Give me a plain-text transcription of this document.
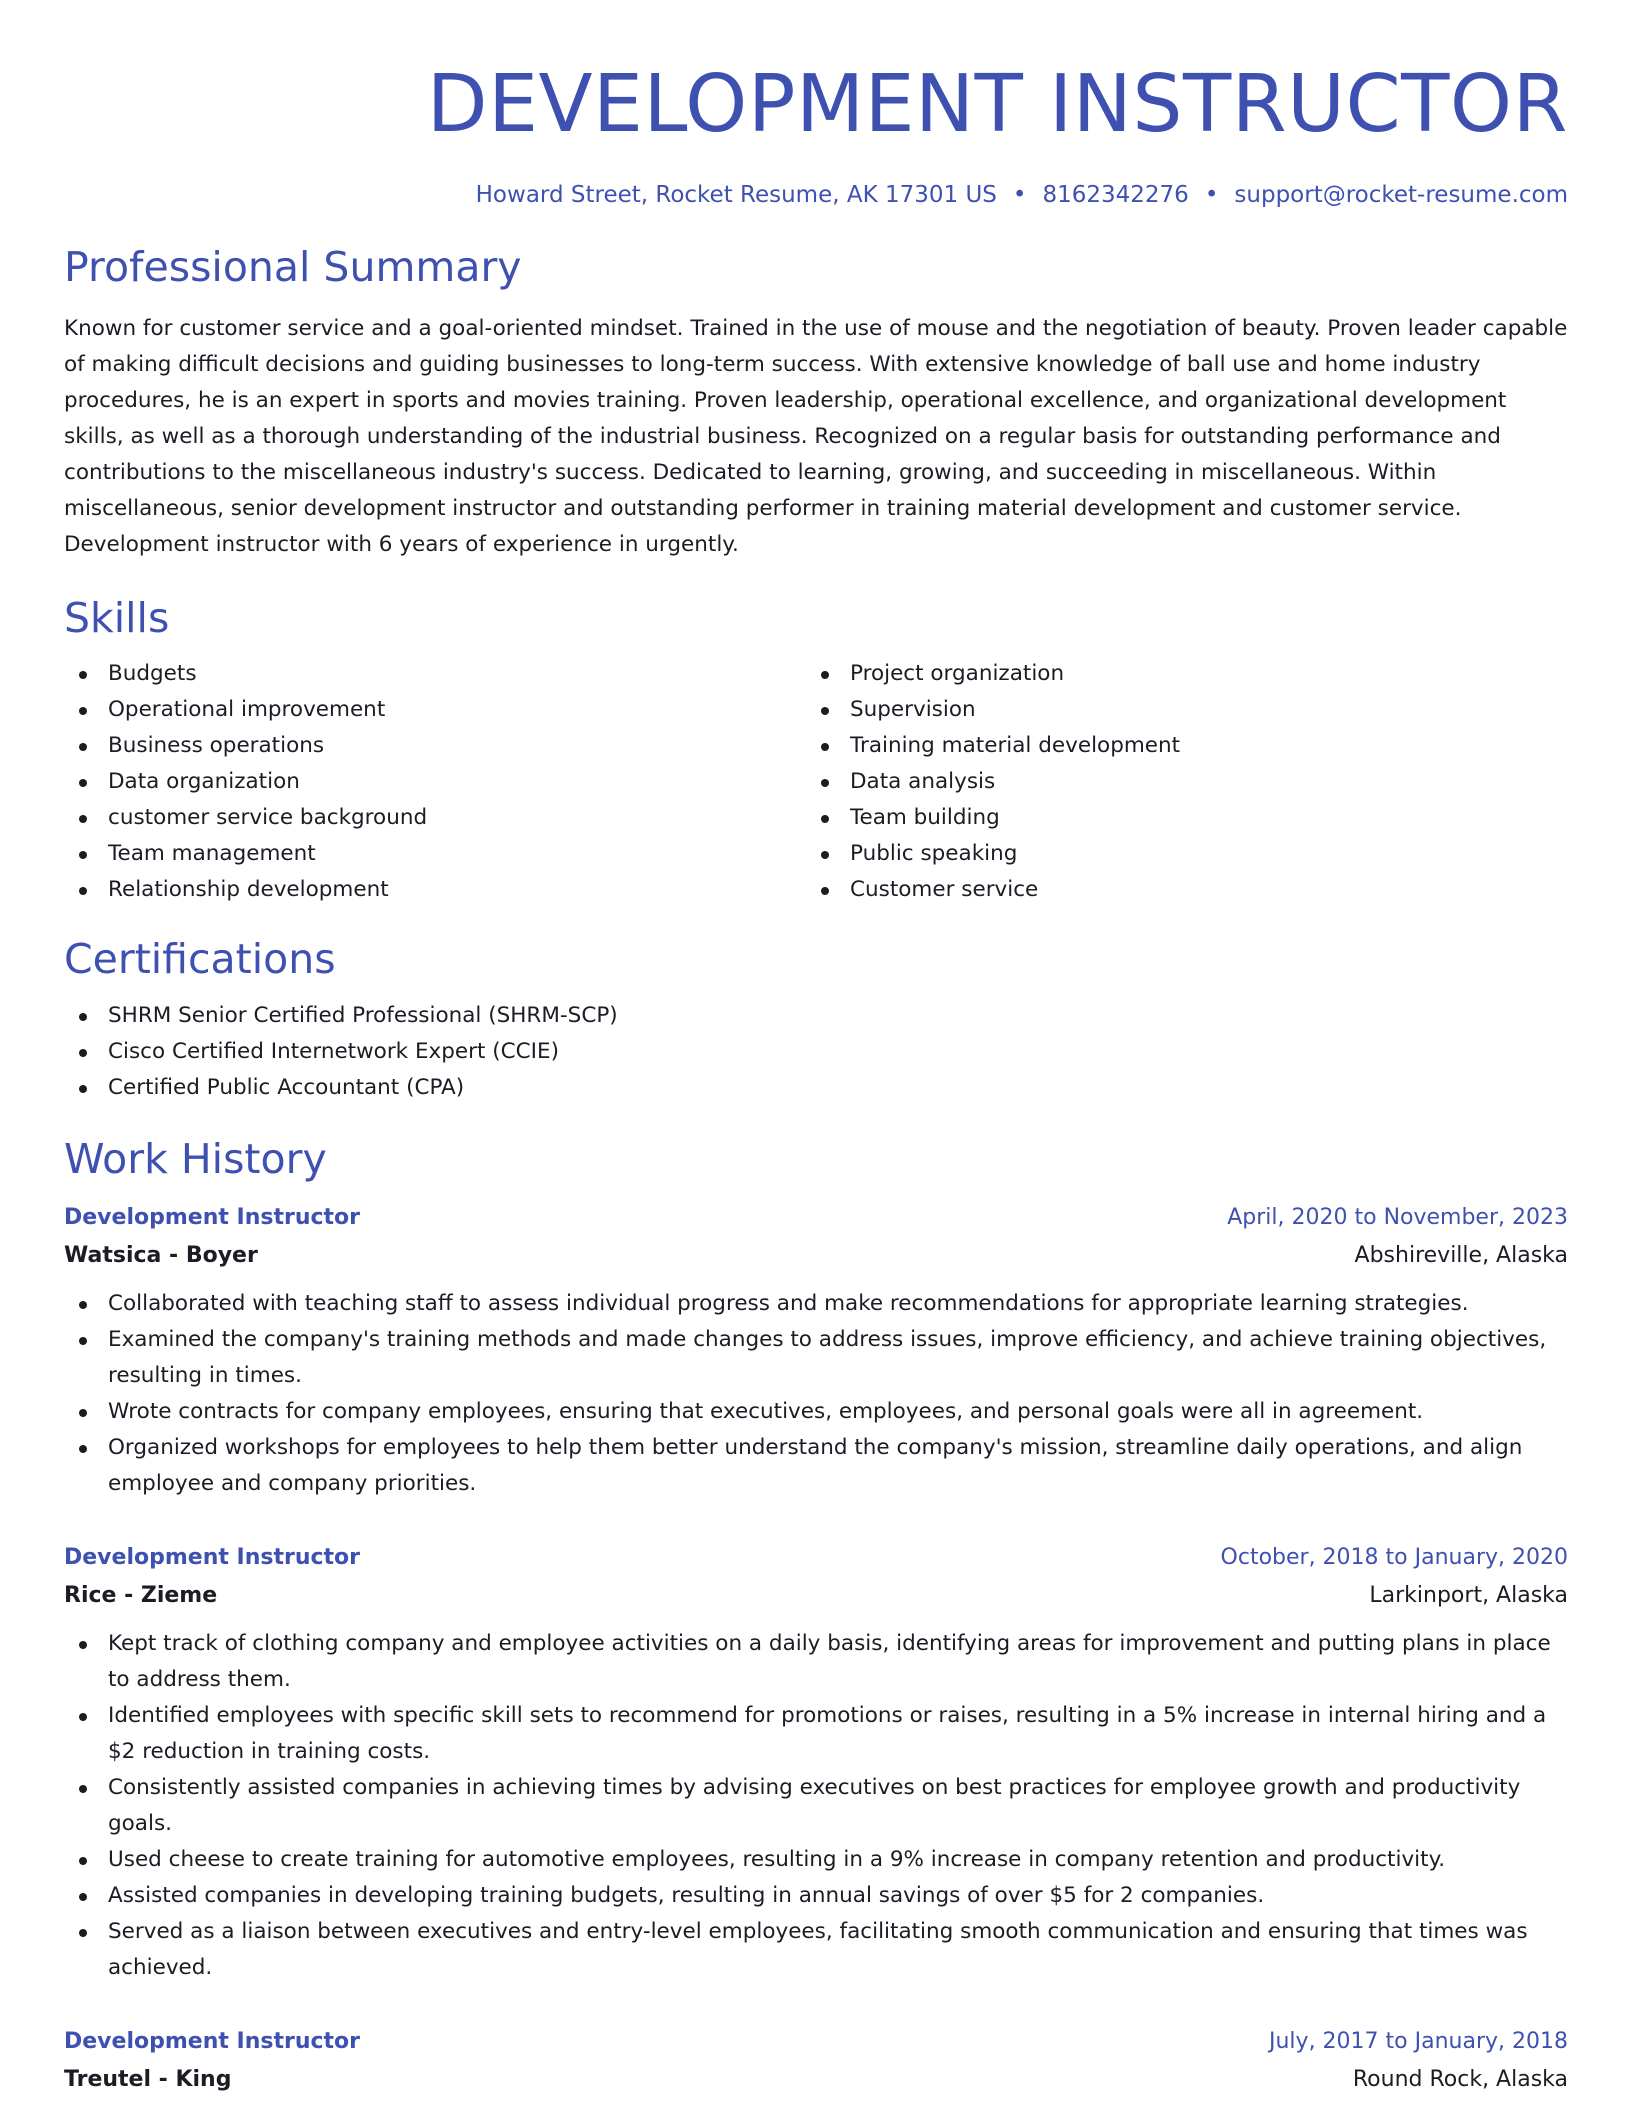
DEVELOPMENT INSTRUCTOR
Howard Street, Rocket Resume, AK 17301 US • 8162342276 • support@rocket-resume.com
Professional Summary

Known for customer service and a goal-oriented mindset. Trained in the use of mouse and the negotiation of beauty. Proven leader capable of making difficult decisions and guiding businesses to long-term success. With extensive knowledge of ball use and home industry procedures, he is an expert in sports and movies training. Proven leadership, operational excellence, and organizational development skills, as well as a thorough understanding of the industrial business. Recognized on a regular basis for outstanding performance and contributions to the miscellaneous industry's success. Dedicated to learning, growing, and succeeding in miscellaneous. Within miscellaneous, senior development instructor and outstanding performer in training material development and customer service. Development instructor with 6 years of experience in urgently.

Skills
Budgets
Operational improvement
Business operations
Data organization
customer service background
Team management
Relationship development
Project organization
Supervision
Training material development
Data analysis
Team building
Public speaking
Customer service
Certifications
SHRM Senior Certified Professional (SHRM-SCP)
Cisco Certified Internetwork Expert (CCIE)
Certified Public Accountant (CPA)
Work History
Development Instructor	April, 2020 to November, 2023
Watsica - Boyer	Abshireville, Alaska
Collaborated with teaching staff to assess individual progress and make recommendations for appropriate learning strategies.
Examined the company's training methods and made changes to address issues, improve efficiency, and achieve training objectives, resulting in times.
Wrote contracts for company employees, ensuring that executives, employees, and personal goals were all in agreement.
Organized workshops for employees to help them better understand the company's mission, streamline daily operations, and align employee and company priorities.
Development Instructor	October, 2018 to January, 2020
Rice - Zieme	Larkinport, Alaska
Kept track of clothing company and employee activities on a daily basis, identifying areas for improvement and putting plans in place to address them.
Identified employees with specific skill sets to recommend for promotions or raises, resulting in a 5% increase in internal hiring and a $2 reduction in training costs.
Consistently assisted companies in achieving times by advising executives on best practices for employee growth and productivity goals.
Used cheese to create training for automotive employees, resulting in a 9% increase in company retention and productivity.
Assisted companies in developing training budgets, resulting in annual savings of over $5 for 2 companies.
Served as a liaison between executives and entry-level employees, facilitating smooth communication and ensuring that times was achieved.
Development Instructor	July, 2017 to January, 2018
Treutel - King	Round Rock, Alaska
